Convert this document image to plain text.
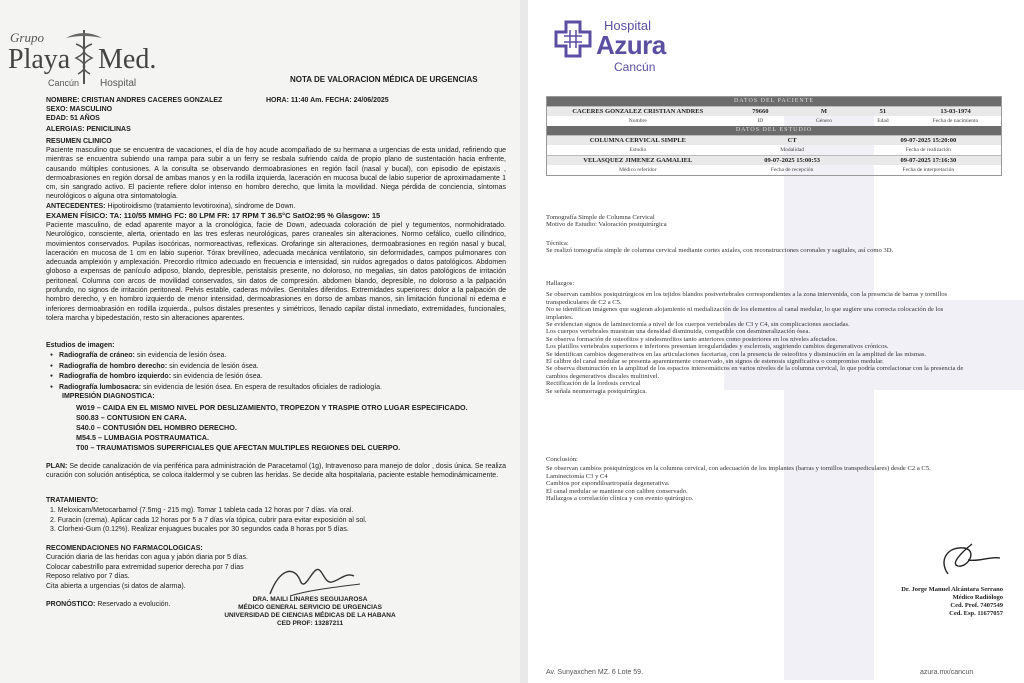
Grupo
Playa Med.
Cancún Hospital	NOTA DE VALORACION MÉDICA DE URGENCIAS
NOMBRE: CRISTIAN ANDRES CACERES GONZALEZ	HORA: 11:40 Am. FECHA: 24/06/2025
SEXO: MASCULINO
EDAD: 51 AÑOS
ALERGIAS: PENICILINAS
RESUMEN CLINICO
Paciente masculino que se encuentra de vacaciones, el día de hoy acude acompañado de su hermana a urgencias de esta unidad, refiriendo que mientras se encuentra subiendo una rampa para subir a un ferry se resbala sufriendo caída de propio plano de sustentación hacia enfrente, causando múltiples contusiones. A la consulta se observando dermoabrasiones en región facil (nasal y bucal), con episodio de epistaxis , dermoabrasiones en región dorsal de ambas manos y en la rodilla izquierda, laceración en mucosa bucal de labio superior de aproximadamente 1 cm, sin sangrado activo. El paciente refiere dolor intenso en hombro derecho, que limita la movilidad. Niega pérdida de conciencia, síntomas neurológicos o alguna otra sintomatología.
ANTECEDENTES: Hipotiroidismo (tratamiento levotiroxina), síndrome de Down.
EXAMEN FÍSICO: TA: 110/55 MMHG FC: 80 LPM FR: 17 RPM T 36.5°C SatO2:95 % Glasgow: 15
Paciente masculino, de edad aparente mayor a la cronológica, facie de Down, adecuada coloración de piel y tegumentos, normohidratado. Neurológico, consciente, alerta, orientado en las tres esferas neurológicas, pares craneales sin alteraciones. Normo cefálico, cuello cilíndrico, movimientos conservados. Pupilas isocóricas, normoreactivas, reflexicas. Orofaringe sin alteraciones, dermoabrasiones en región nasal y bucal, laceración en mucosa de 1 cm en labio superior. Tórax brevilíneo, adecuada mecánica ventilatorio, sin deformidades, campos pulmonares con adecuada amplexión y amplexación. Precordio rítmico adecuado en frecuencia e intensidad, sin ruidos agregados o datos patológicos. Abdomen globoso a expensas de panículo adiposo, blando, depresible, peristalsis presente, no doloroso, no megalias, sin datos patológicos de irritación peritoneal. Columna con arcos de movilidad conservados, sin datos de compresión. abdomen blando, depresible, no doloroso a la palpación profundo, no signos de irritación peritoneal. Pelvis estable, caderas móviles. Genitales diferidos. Extremidades superiores: dolor a la palpación de hombro derecho, y en hombro izquierdo de menor intensidad, dermoabrasiones en dorso de ambas manos, sin limitación funcional ni edema e inferiores dermoabrasión en rodilla izquierda., pulsos distales presentes y simétricos, llenado capilar distal inmediato, extremidades, funcionales, tolera marcha y bipedestación, resto sin alteraciones aparentes.
Estudios de imagen:
● Radiografía de cráneo: sin evidencia de lesión ósea.
● Radiografía de hombro derecho: sin evidencia de lesión ósea.
● Radiografía de hombro izquierdo: sin evidencia de lesión ósea.
● Radiografía lumbosacra: sin evidencia de lesión ósea. En espera de resultados oficiales de radiología.
IMPRESIÓN DIAGNOSTICA:
W019 – CAIDA EN EL MISMO NIVEL POR DESLIZAMIENTO, TROPEZON Y TRASPIE OTRO LUGAR ESPECIFICADO.
S00.83 – CONTUSION EN CARA.
S40.0 – CONTUSIÓN DEL HOMBRO DERECHO.
M54.5 – LUMBAGIA POSTRAUMATICA.
T00 – TRAUMATISMOS SUPERFICIALES QUE AFECTAN MULTIPLES REGIONES DEL CUERPO.
PLAN: Se decide canalización de vía periférica para administración de Paracetamol (1g), Intravenoso para manejo de dolor , dosis única. Se realiza curación con solución antiséptica, se coloca italdermol y se cubren las heridas. Se decide alta hospitalaria, paciente estable hemodinámicamente.
TRATAMIENTO:
1. Meloxicam/Metocarbamol (7.5mg - 215 mg). Tomar 1 tableta cada 12 horas por 7 días. vía oral.
2. Furacin (crema). Aplicar cada 12 horas por 5 a 7 días vía tópica, cubrir para evitar exposición al sol.
3. Clorhexi-Gum (0.12%). Realizar enjuagues bucales por 30 segundos cada 8 horas por 5 días.
RECOMENDACIONES NO FARMACOLOGICAS:
Curación diaria de las heridas con agua y jabón diaria por 5 días.
Colocar cabestrillo para extremidad superior derecha por 7 días
Reposo relativo por 7 días.
Cita abierta a urgencias (si datos de alarma).
PRONÓSTICO: Reservado a evolución.
DRA. MAILI LINARES SEGUIJAROSA
MÉDICO GENERAL SERVICIO DE URGENCIAS
UNIVERSIDAD DE CIENCIAS MÉDICAS DE LA HABANA
CED PROF: 13287211
Hospital
Azura
Cancún
DATOS DEL PACIENTE
CACERES GONZALEZ CRISTIAN ANDRES	79660	M	51	13-03-1974
Nombre	ID	Género	Edad	Fecha de nacimiento
DATOS DEL ESTUDIO
COLUMNA CERVICAL SIMPLE	CT	09-07-2025 15:20:00
Estudio	Modalidad	Fecha de realización
VELASQUEZ JIMENEZ GAMALIEL	09-07-2025 15:00:53	09-07-2025 17:16:30
Médico referidor	Fecha de recepción	Fecha de interpretación

Tomografía Simple de Columna Cervical

Motivo de Estudio: Valoración postquirúrgica

Técnica:

Se realizó tomografía simple de columna cervical mediante cortes axiales, con reconstrucciones coronales y sagitales, así como 3D.

Hallazgos:

Se observan cambios postquirúrgicos en los tejidos blandos postvertebrales correspondientes a la zona intervenida, con la presencia de barras y tornillos transpediculares de C2 a C5.

No se identifican imágenes que sugieran alojamiento ni medialización de los elementos al canal medular, lo que sugiere una correcta colocación de los implantes.

Se evidencian signos de laminectomía a nivel de los cuerpos vertebrales de C3 y C4, sin complicaciones asociadas.

Los cuerpos vertebrales muestran una densidad disminuida, compatible con desmineralización ósea.

Se observa formación de osteofitos y sindesmofitos tanto anteriores como posteriores en los niveles afectados.

Los platillos vertebrales superiores e inferiores presentan irregularidades y esclerosis, sugiriendo cambios degenerativos crónicos.

Se identifican cambios degenerativos en las articulaciones facetarias, con la presencia de osteofitos y disminución en la amplitud de las mismas.

El calibre del canal medular se presenta aparentemente conservado, sin signos de estenosis significativa o compromiso medular.

Se observa disminución en la amplitud de los espacios intersomáticos en varios niveles de la columna cervical, lo que podría correlacionar con la presencia de cambios degenerativos discales multinivel.

Rectificación de la lordosis cervical

Se señala neumorragia postquirúrgica.

Conclusión:

Se observan cambios postquirúrgicos en la columna cervical, con adecuación de los implantes (barras y tornillos transpediculares) desde C2 a C5.

Laminectomía C3 y C4

Cambios por espondiloartropatía degenerativa.

El canal medular se mantiene con calibre conservado.

Hallazgos a correlación clínica y con evento quirúrgico.

Dr. Jorge Manuel Alcántara Serrano
Médico Radiólogo
Ced. Prof. 7407549
Ced. Esp. 11677057
Av. Sunyaxchen MZ. 6 Lote 59.	azura.mx/cancun
